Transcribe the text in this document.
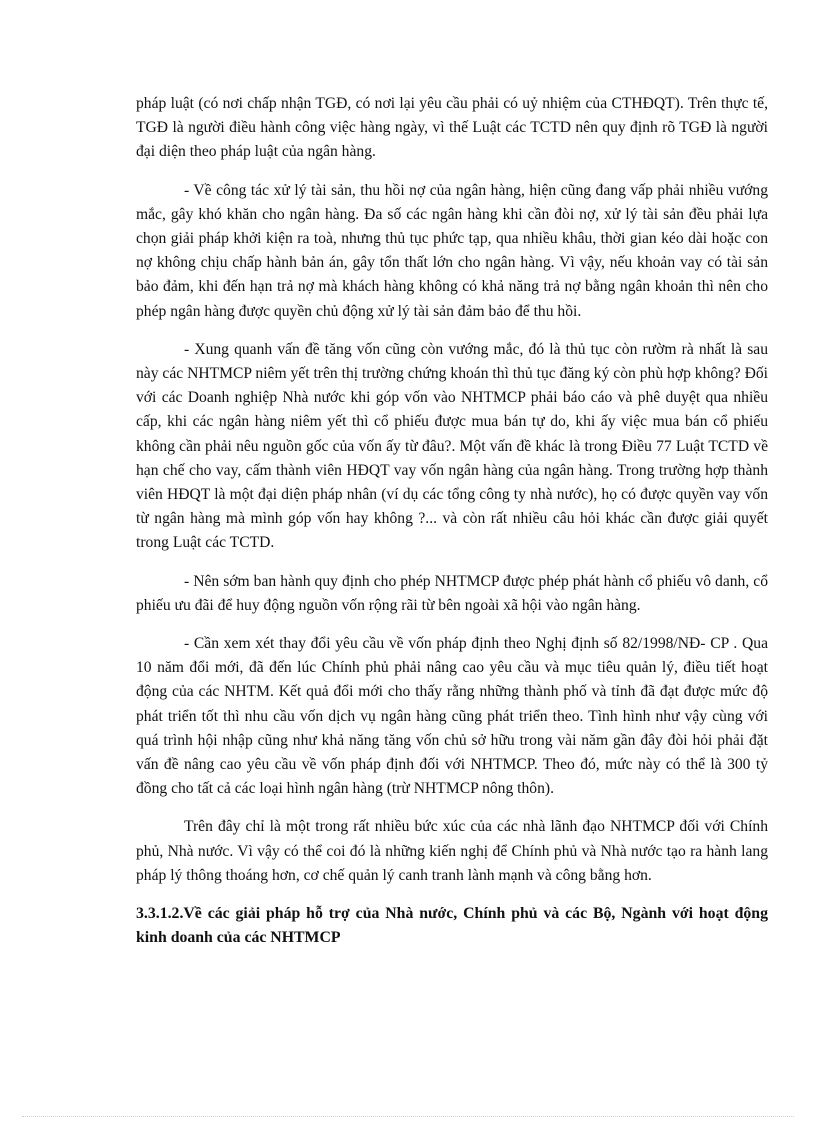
pháp luật (có nơi chấp nhận TGĐ, có nơi lại yêu cầu phải có uỷ nhiệm của CTHĐQT). Trên thực tế, TGĐ là người điều hành công việc hàng ngày, vì thế Luật các TCTD nên quy định rõ TGĐ là người đại diện theo pháp luật của ngân hàng.

- Về công tác xử lý tài sản, thu hồi nợ của ngân hàng, hiện cũng đang vấp phải nhiều vướng mắc, gây khó khăn cho ngân hàng. Đa số các ngân hàng khi cần đòi nợ, xử lý tài sản đều phải lựa chọn giải pháp khởi kiện ra toà, nhưng thủ tục phức tạp, qua nhiều khâu, thời gian kéo dài hoặc con nợ không chịu chấp hành bản án, gây tổn thất lớn cho ngân hàng. Vì vậy, nếu khoản vay có tài sản bảo đảm, khi đến hạn trả nợ mà khách hàng không có khả năng trả nợ bằng ngân khoản thì nên cho phép ngân hàng được quyền chủ động xử lý tài sản đảm bảo để thu hồi.

- Xung quanh vấn đề tăng vốn cũng còn vướng mắc, đó là thủ tục còn rườm rà nhất là sau này các NHTMCP niêm yết trên thị trường chứng khoán thì thủ tục đăng ký còn phù hợp không? Đối với các Doanh nghiệp Nhà nước khi góp vốn vào NHTMCP phải báo cáo và phê duyệt qua nhiều cấp, khi các ngân hàng niêm yết thì cổ phiếu được mua bán tự do, khi ấy việc mua bán cổ phiếu không cần phải nêu nguồn gốc của vốn ấy từ đâu?. Một vấn đề khác là trong Điều 77 Luật TCTD về hạn chế cho vay, cấm thành viên HĐQT vay vốn ngân hàng của ngân hàng. Trong trường hợp thành viên HĐQT là một đại diện pháp nhân (ví dụ các tổng công ty nhà nước), họ có được quyền vay vốn từ ngân hàng mà mình góp vốn hay không ?... và còn rất nhiều câu hỏi khác cần được giải quyết trong Luật các TCTD.

- Nên sớm ban hành quy định cho phép NHTMCP được phép phát hành cổ phiếu vô danh, cổ phiếu ưu đãi để huy động nguồn vốn rộng rãi từ bên ngoài xã hội vào ngân hàng.

- Cần xem xét thay đổi yêu cầu về vốn pháp định theo Nghị định số 82/1998/NĐ- CP . Qua 10 năm đổi mới, đã đến lúc Chính phủ phải nâng cao yêu cầu và mục tiêu quản lý, điều tiết hoạt động của các NHTM. Kết quả đổi mới cho thấy rằng những thành phố và tỉnh đã đạt được mức độ phát triển tốt thì nhu cầu vốn dịch vụ ngân hàng cũng phát triển theo. Tình hình như vậy cùng với quá trình hội nhập cũng như khả năng tăng vốn chủ sở hữu trong vài năm gần đây đòi hỏi phải đặt vấn đề nâng cao yêu cầu về vốn pháp định đối với NHTMCP. Theo đó, mức này có thể là 300 tỷ đồng cho tất cả các loại hình ngân hàng (trừ NHTMCP nông thôn).

Trên đây chỉ là một trong rất nhiều bức xúc của các nhà lãnh đạo NHTMCP đối với Chính phủ, Nhà nước. Vì vậy có thể coi đó là những kiến nghị để Chính phủ và Nhà nước tạo ra hành lang pháp lý thông thoáng hơn, cơ chế quản lý canh tranh lành mạnh và công bằng hơn.

3.3.1.2.Về các giải pháp hỗ trợ của Nhà nước, Chính phủ và các Bộ, Ngành với hoạt động kinh doanh của các NHTMCP
